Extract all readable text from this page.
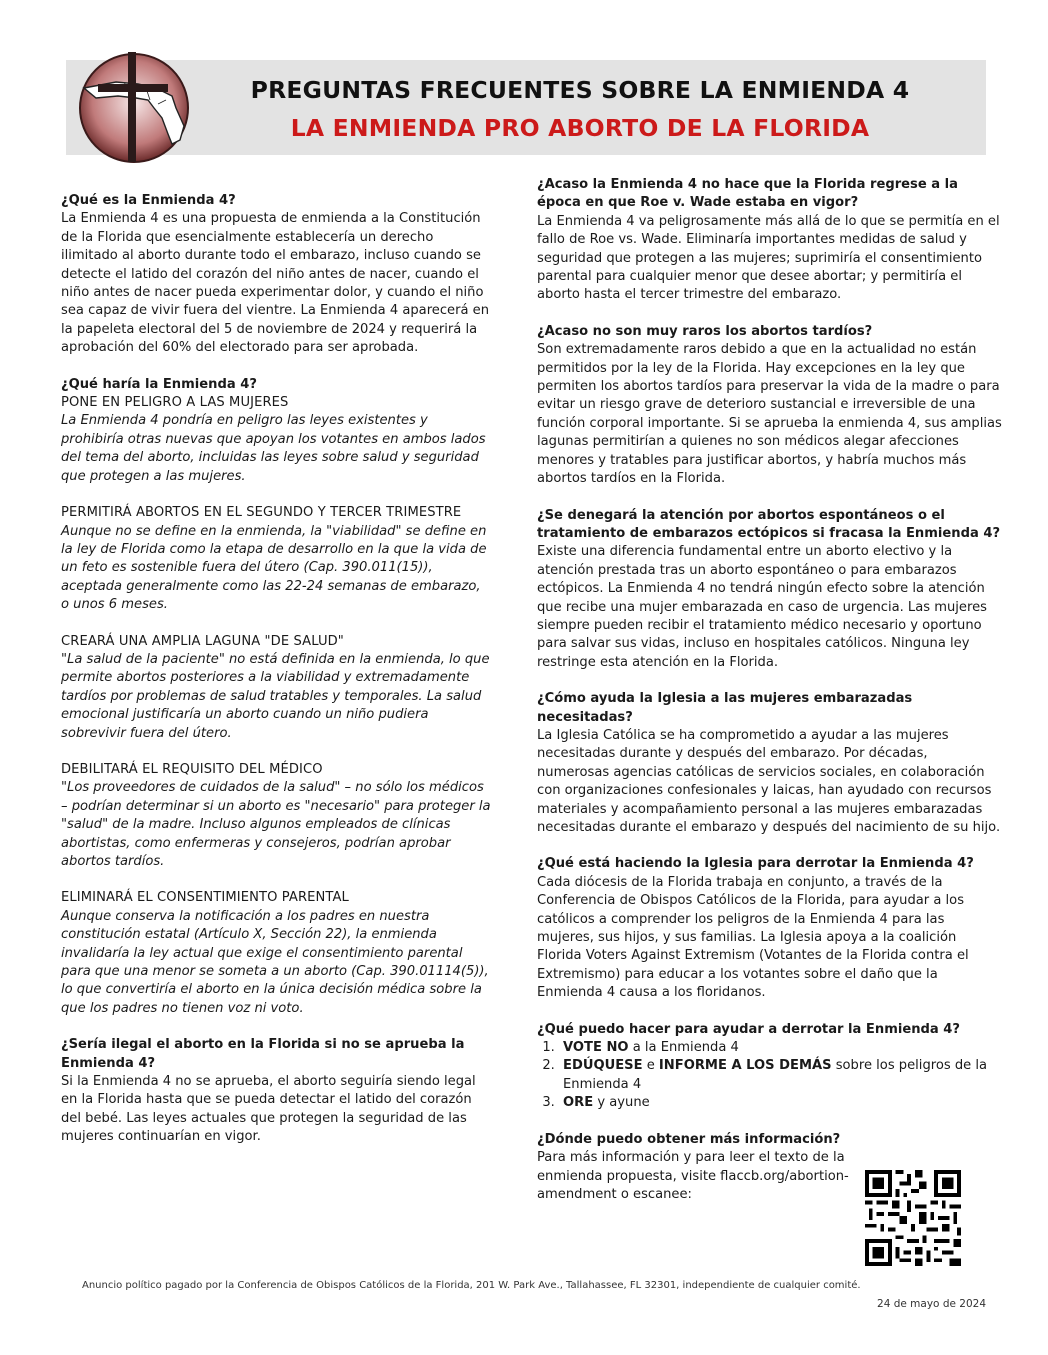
PREGUNTAS FRECUENTES SOBRE LA ENMIENDA 4
LA ENMIENDA PRO ABORTO DE LA FLORIDA

¿Qué es la Enmienda 4?

La Enmienda 4 es una propuesta de enmienda a la Constitución de la Florida que esencialmente establecería un derecho ilimitado al aborto durante todo el embarazo, incluso cuando se detecte el latido del corazón del niño antes de nacer, cuando el niño antes de nacer pueda experimentar dolor, y cuando el niño sea capaz de vivir fuera del vientre. La Enmienda 4 aparecerá en la papeleta electoral del 5 de noviembre de 2024 y requerirá la aprobación del 60% del electorado para ser aprobada.

¿Qué haría la Enmienda 4?

PONE EN PELIGRO A LAS MUJERES

La Enmienda 4 pondría en peligro las leyes existentes y prohibiría otras nuevas que apoyan los votantes en ambos lados del tema del aborto, incluidas las leyes sobre salud y seguridad que protegen a las mujeres.

PERMITIRÁ ABORTOS EN EL SEGUNDO Y TERCER TRIMESTRE

Aunque no se define en la enmienda, la "viabilidad" se define en la ley de Florida como la etapa de desarrollo en la que la vida de un feto es sostenible fuera del útero (Cap. 390.011(15)), aceptada generalmente como las 22-24 semanas de embarazo, o unos 6 meses.

CREARÁ UNA AMPLIA LAGUNA "DE SALUD"

"La salud de la paciente" no está definida en la enmienda, lo que permite abortos posteriores a la viabilidad y extremadamente tardíos por problemas de salud tratables y temporales. La salud emocional justificaría un aborto cuando un niño pudiera sobrevivir fuera del útero.

DEBILITARÁ EL REQUISITO DEL MÉDICO

"Los proveedores de cuidados de la salud" – no sólo los médicos – podrían determinar si un aborto es "necesario" para proteger la "salud" de la madre. Incluso algunos empleados de clínicas abortistas, como enfermeras y consejeros, podrían aprobar abortos tardíos.

ELIMINARÁ EL CONSENTIMIENTO PARENTAL

Aunque conserva la notificación a los padres en nuestra constitución estatal (Artículo X, Sección 22), la enmienda invalidaría la ley actual que exige el consentimiento parental para que una menor se someta a un aborto (Cap. 390.01114(5)), lo que convertiría el aborto en la única decisión médica sobre la que los padres no tienen voz ni voto.

¿Sería ilegal el aborto en la Florida si no se aprueba la Enmienda 4?

Si la Enmienda 4 no se aprueba, el aborto seguiría siendo legal en la Florida hasta que se pueda detectar el latido del corazón del bebé. Las leyes actuales que protegen la seguridad de las mujeres continuarían en vigor.

¿Acaso la Enmienda 4 no hace que la Florida regrese a la época en que Roe v. Wade estaba en vigor?

La Enmienda 4 va peligrosamente más allá de lo que se permitía en el fallo de Roe vs. Wade. Eliminaría importantes medidas de salud y seguridad que protegen a las mujeres; suprimiría el consentimiento parental para cualquier menor que desee abortar; y permitiría el aborto hasta el tercer trimestre del embarazo.

¿Acaso no son muy raros los abortos tardíos?

Son extremadamente raros debido a que en la actualidad no están permitidos por la ley de la Florida. Hay excepciones en la ley que permiten los abortos tardíos para preservar la vida de la madre o para evitar un riesgo grave de deterioro sustancial e irreversible de una función corporal importante. Si se aprueba la enmienda 4, sus amplias lagunas permitirían a quienes no son médicos alegar afecciones menores y tratables para justificar abortos, y habría muchos más abortos tardíos en la Florida.

¿Se denegará la atención por abortos espontáneos o el tratamiento de embarazos ectópicos si fracasa la Enmienda 4?

Existe una diferencia fundamental entre un aborto electivo y la atención prestada tras un aborto espontáneo o para embarazos ectópicos. La Enmienda 4 no tendrá ningún efecto sobre la atención que recibe una mujer embarazada en caso de urgencia. Las mujeres siempre pueden recibir el tratamiento médico necesario y oportuno para salvar sus vidas, incluso en hospitales católicos. Ninguna ley restringe esta atención en la Florida.

¿Cómo ayuda la Iglesia a las mujeres embarazadas necesitadas?

La Iglesia Católica se ha comprometido a ayudar a las mujeres necesitadas durante y después del embarazo. Por décadas, numerosas agencias católicas de servicios sociales, en colaboración con organizaciones confesionales y laicas, han ayudado con recursos materiales y acompañamiento personal a las mujeres embarazadas necesitadas durante el embarazo y después del nacimiento de su hijo.

¿Qué está haciendo la Iglesia para derrotar la Enmienda 4?

Cada diócesis de la Florida trabaja en conjunto, a través de la Conferencia de Obispos Católicos de la Florida, para ayudar a los católicos a comprender los peligros de la Enmienda 4 para las mujeres, sus hijos, y sus familias. La Iglesia apoya a la coalición Florida Voters Against Extremism (Votantes de la Florida contra el Extremismo) para educar a los votantes sobre el daño que la Enmienda 4 causa a los floridanos.

¿Qué puedo hacer para ayudar a derrotar la Enmienda 4?

1. VOTE NO a la Enmienda 4
2. EDÚQUESE e INFORME A LOS DEMÁS sobre los peligros de la Enmienda 4
3. ORE y ayune

¿Dónde puedo obtener más información?

Para más información y para leer el texto de la enmienda propuesta, visite flaccb.org/abortion-amendment o escanee:

Anuncio político pagado por la Conferencia de Obispos Católicos de la Florida, 201 W. Park Ave., Tallahassee, FL 32301, independiente de cualquier comité.
24 de mayo de 2024
